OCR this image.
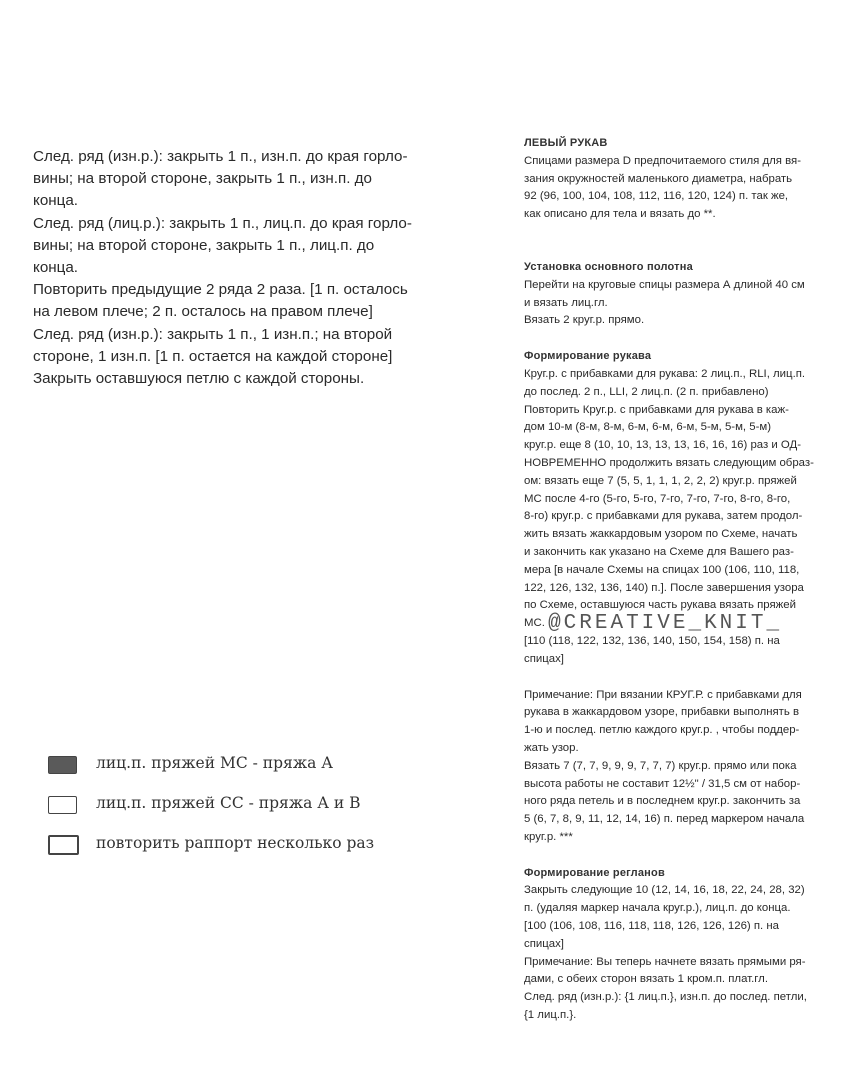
След. ряд (изн.р.): закрыть 1 п., изн.п. до края горло-
вины; на второй стороне, закрыть 1 п., изн.п. до
конца.
След. ряд (лиц.р.): закрыть 1 п., лиц.п. до края горло-
вины; на второй стороне, закрыть 1 п., лиц.п. до
конца.
Повторить предыдущие 2 ряда 2 раза. [1 п. осталось
на левом плече; 2 п. осталось на правом плече]
След. ряд (изн.р.): закрыть 1 п., 1 изн.п.; на второй
стороне, 1 изн.п. [1 п. остается на каждой стороне]
Закрыть оставшуюся петлю с каждой стороны.
лиц.п. пряжей МС - пряжа А
лиц.п. пряжей СС - пряжа А и В
повторить раппорт несколько раз
ЛЕВЫЙ РУКАВ
Спицами размера D предпочитаемого стиля для вя-
зания окружностей маленького диаметра, набрать
92 (96, 100, 104, 108, 112, 116, 120, 124) п. так же,
как описано для тела и вязать до **.
Установка основного полотна
Перейти на круговые спицы размера А длиной 40 см
и вязать лиц.гл.
Вязать 2 круг.р. прямо.
Формирование рукава
Круг.р. с прибавками для рукава: 2 лиц.п., RLI, лиц.п.
до послед. 2 п., LLI, 2 лиц.п. (2 п. прибавлено)
Повторить Круг.р. с прибавками для рукава в каж-
дом 10-м (8-м, 8-м, 6-м, 6-м, 6-м, 5-м, 5-м, 5-м)
круг.р. еще 8 (10, 10, 13, 13, 13, 16, 16, 16) раз и ОД-
НОВРЕМЕННО продолжить вязать следующим образ-
ом: вязать еще 7 (5, 5, 1, 1, 1, 2, 2, 2) круг.р. пряжей
МС после 4-го (5-го, 5-го, 7-го, 7-го, 7-го, 8-го, 8-го,
8-го) круг.р. с прибавками для рукава, затем продол-
жить вязать жаккардовым узором по Схеме, начать
и закончить как указано на Схеме для Вашего раз-
мера [в начале Схемы на спицах 100 (106, 110, 118,
122, 126, 132, 136, 140) п.]. После завершения узора
по Схеме, оставшуюся часть рукава вязать пряжей
МС. @CREATIVE_KNIT_
[110 (118, 122, 132, 136, 140, 150, 154, 158) п. на
спицах]
Примечание: При вязании КРУГ.Р. с прибавками для
рукава в жаккардовом узоре, прибавки выполнять в
1-ю и послед. петлю каждого круг.р. , чтобы поддер-
жать узор.
Вязать 7 (7, 7, 9, 9, 9, 7, 7, 7) круг.р. прямо или пока
высота работы не составит 12½" / 31,5 см от набор-
ного ряда петель и в последнем круг.р. закончить за
5 (6, 7, 8, 9, 11, 12, 14, 16) п. перед маркером начала
круг.р. ***
Формирование регланов
Закрыть следующие 10 (12, 14, 16, 18, 22, 24, 28, 32)
п. (удаляя маркер начала круг.р.), лиц.п. до конца.
[100 (106, 108, 116, 118, 118, 126, 126, 126) п. на
спицах]
Примечание: Вы теперь начнете вязать прямыми ря-
дами, с обеих сторон вязать 1 кром.п. плат.гл.
След. ряд (изн.р.): {1 лиц.п.}, изн.п. до послед. петли,
{1 лиц.п.}.
